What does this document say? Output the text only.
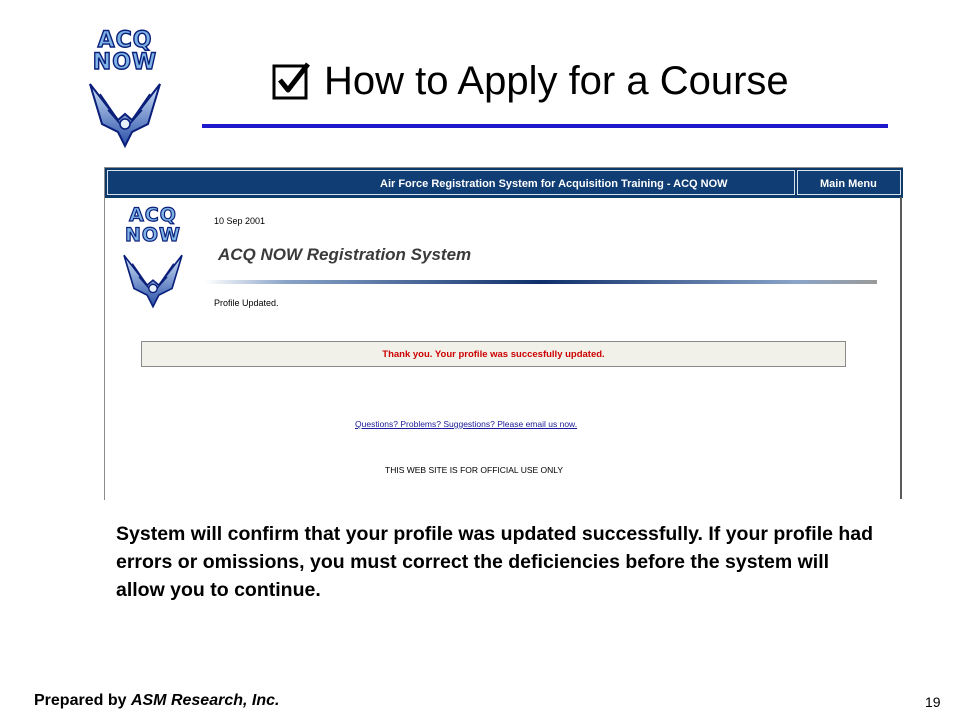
ACQ
NOW	How to Apply for a Course
Air Force Registration System for Acquisition Training - ACQ NOW	Main Menu
ACQ
NOW
10 Sep 2001
ACQ NOW Registration System
Profile Updated.
Thank you. Your profile was succesfully updated.
Questions? Problems? Suggestions? Please email us now.
THIS WEB SITE IS FOR OFFICIAL USE ONLY
System will confirm that your profile was updated successfully. If your profile had errors or omissions, you must correct the deficiencies before the system will allow you to continue.
Prepared by ASM Research, Inc.	19
